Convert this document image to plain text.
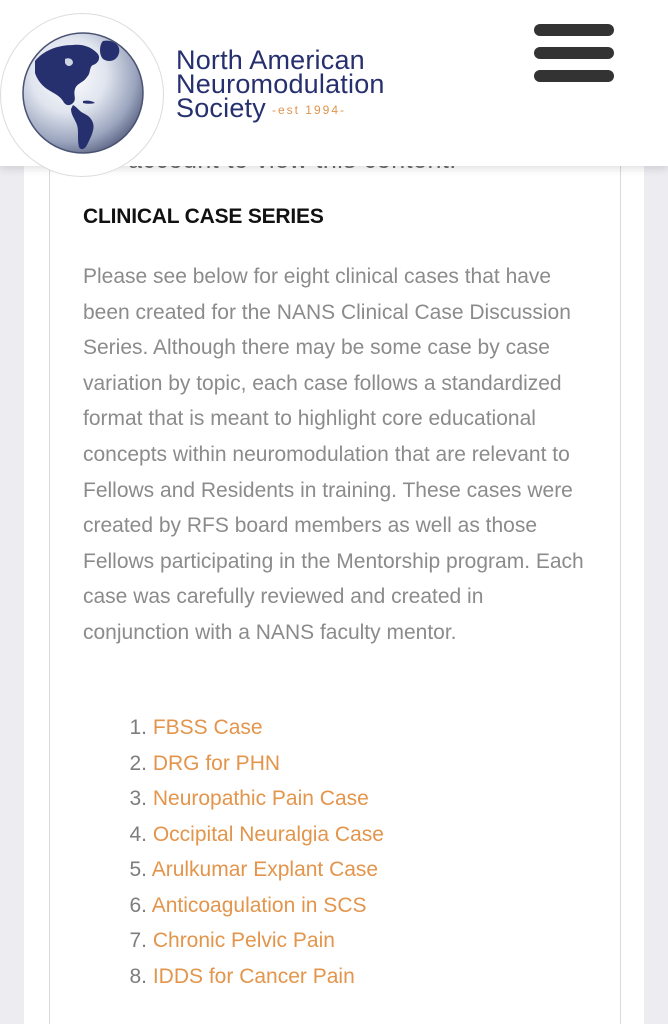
CLINICAL CASE SERIES

Please see below for eight clinical cases that have been created for the NANS Clinical Case Discussion Series. Although there may be some case by case variation by topic, each case follows a standardized format that is meant to highlight core educational concepts within neuromodulation that are relevant to Fellows and Residents in training. These cases were created by RFS board members as well as those Fellows participating in the Mentorship program. Each case was carefully reviewed and created in conjunction with a NANS faculty mentor.

1. FBSS Case
2. DRG for PHN
3. Neuropathic Pain Case
4. Occipital Neuralgia Case
5. Arulkumar Explant Case
6. Anticoagulation in SCS
7. Chronic Pelvic Pain
8. IDDS for Cancer Pain
North American
Neuromodulation
Society -est 1994-
